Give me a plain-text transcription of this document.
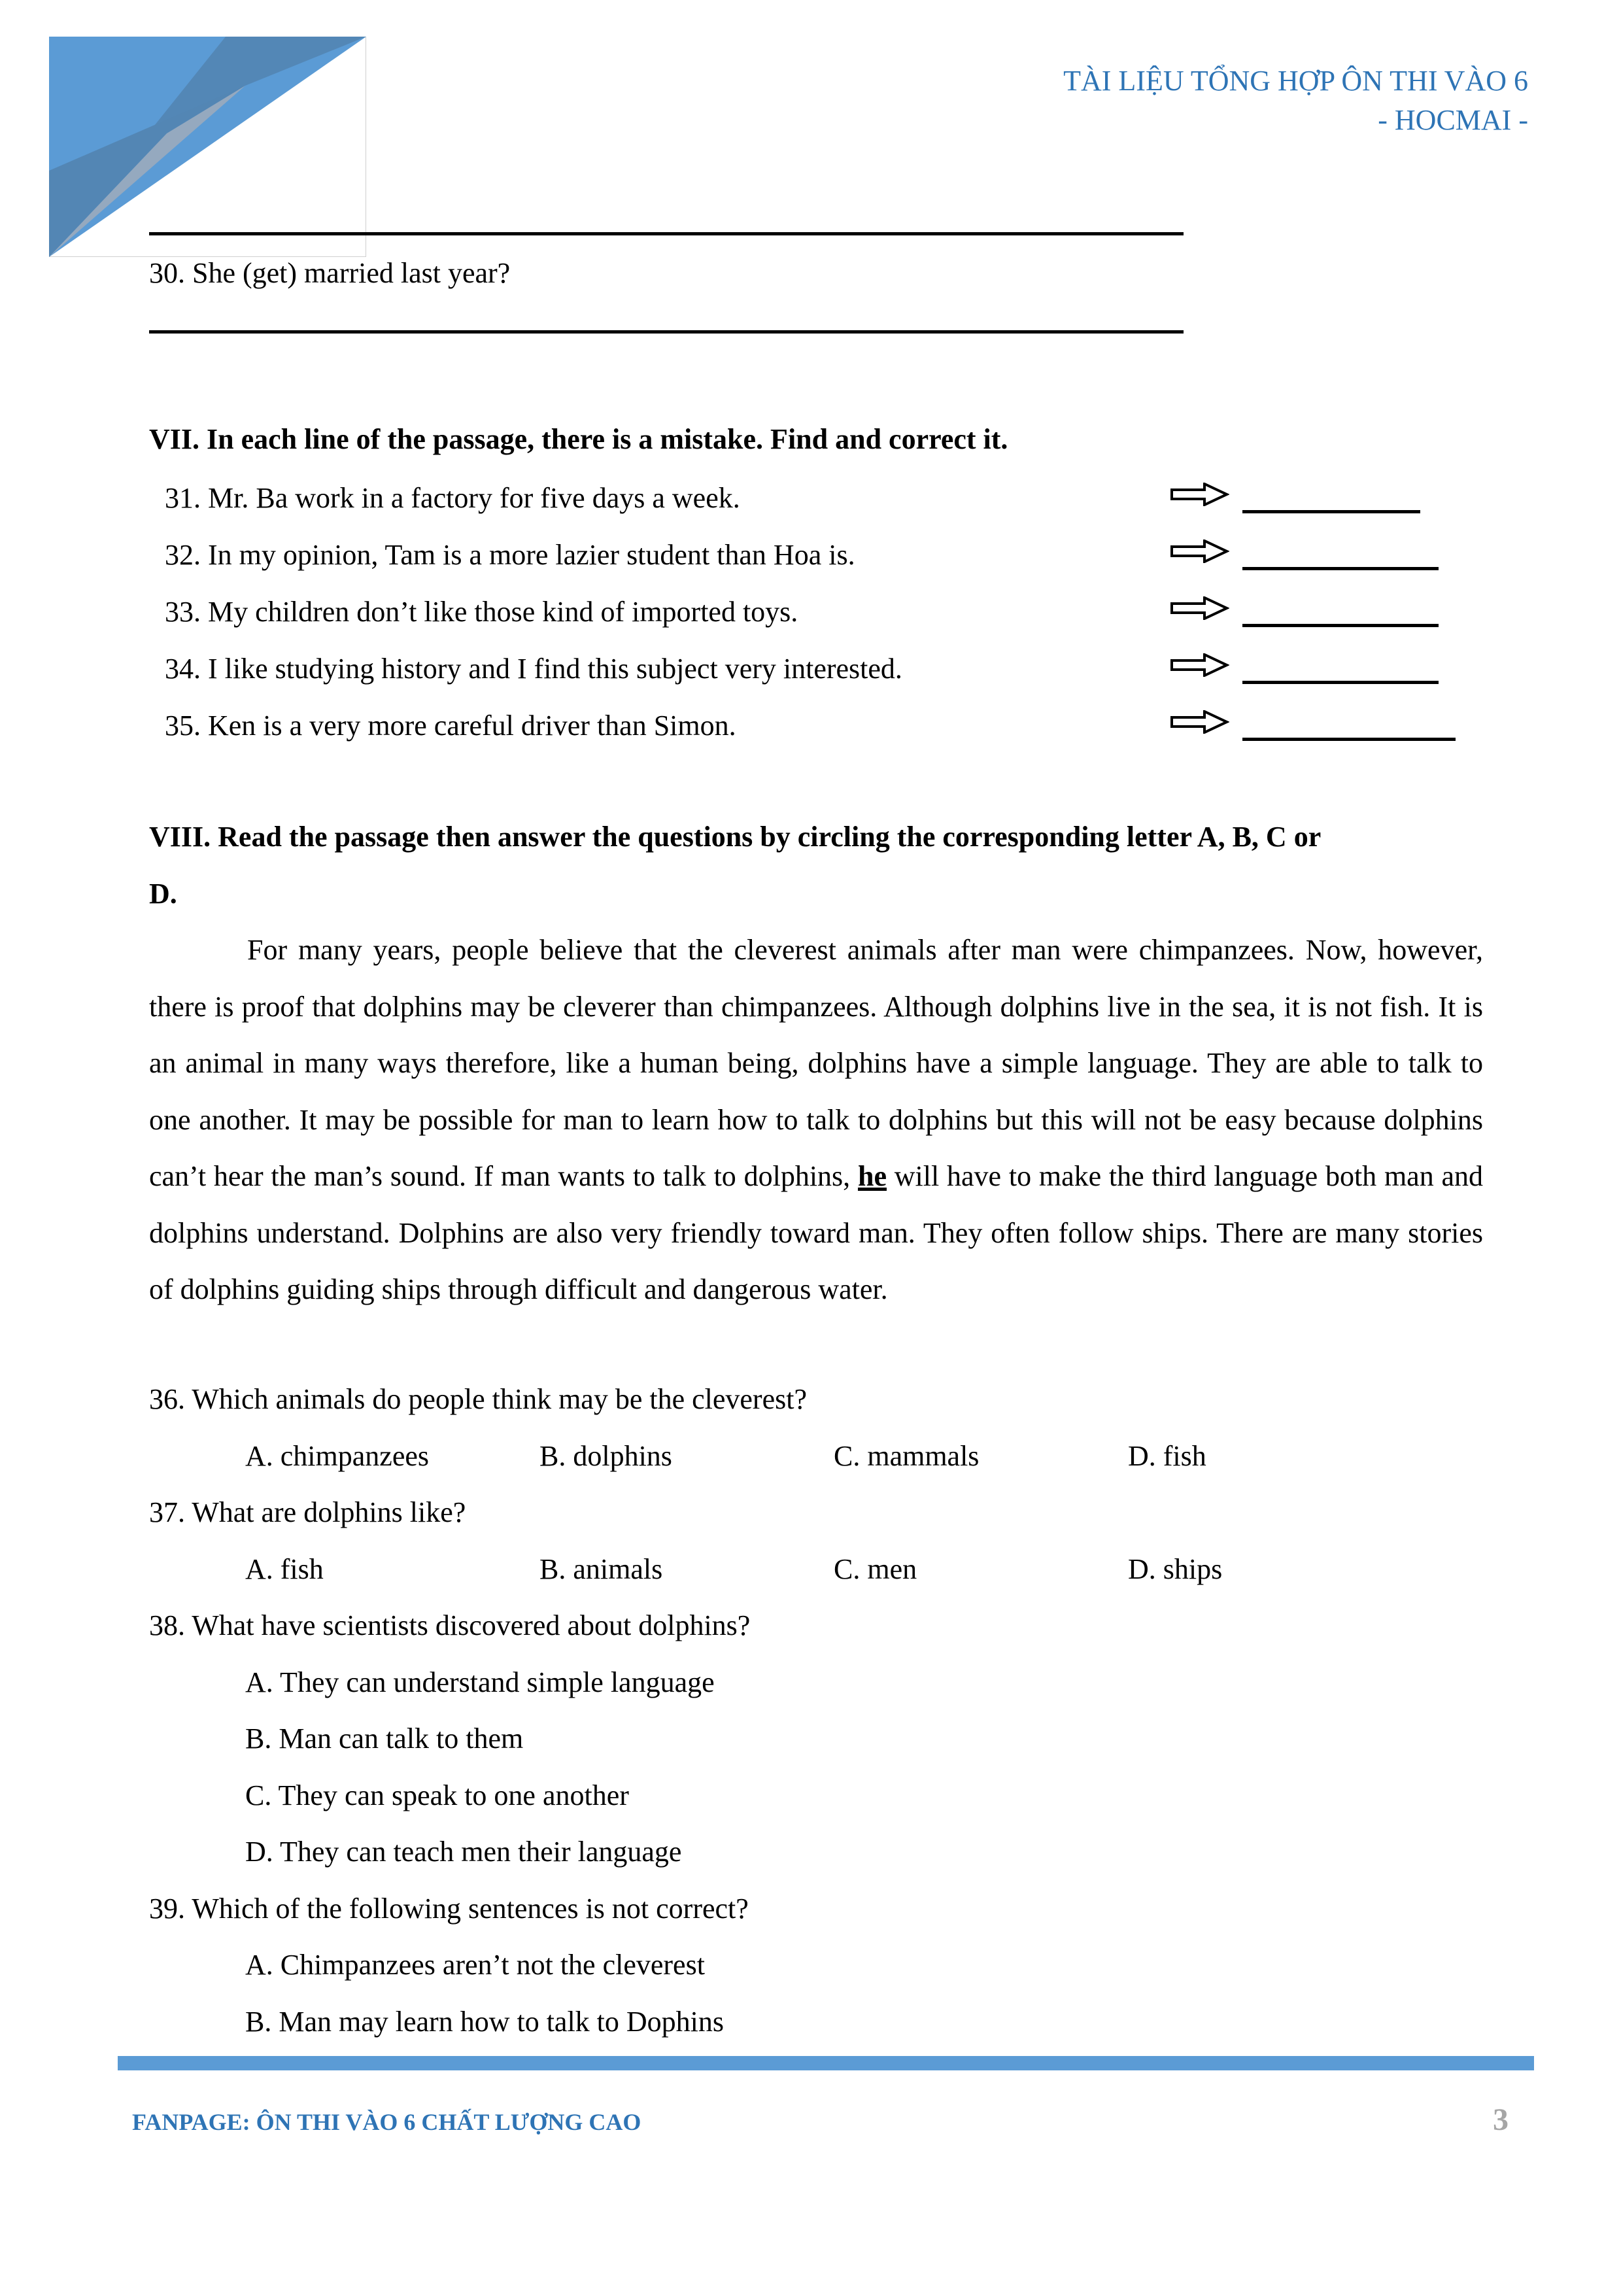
TÀI LIỆU TỔNG HỢP ÔN THI VÀO 6
- HOCMAI -
30. She (get) married last year?
VII. In each line of the passage, there is a mistake. Find and correct it.
31. Mr. Ba work in a factory for five days a week.
32. In my opinion, Tam is a more lazier student than Hoa is.
33. My children don’t like those kind of imported toys.
34. I like studying history and I find this subject very interested.
35. Ken is a very more careful driver than Simon.
VIII. Read the passage then answer the questions by circling the corresponding letter A, B, C or
D.

For many years, people believe that the cleverest animals after man were chimpanzees. Now, however, there is proof that dolphins may be cleverer than chimpanzees. Although dolphins live in the sea, it is not fish. It is an animal in many ways therefore, like a human being, dolphins have a simple language. They are able to talk to one another. It may be possible for man to learn how to talk to dolphins but this will not be easy because dolphins can’t hear the man’s sound. If man wants to talk to dolphins, he will have to make the third language both man and dolphins understand. Dolphins are also very friendly toward man. They often follow ships. There are many stories of dolphins guiding ships through difficult and dangerous water.

36. Which animals do people think may be the cleverest?
A. chimpanzees	B. dolphins	C. mammals	D. fish
37. What are dolphins like?
A. fish	B. animals	C. men	D. ships
38. What have scientists discovered about dolphins?
A. They can understand simple language
B. Man can talk to them
C. They can speak to one another
D. They can teach men their language
39. Which of the following sentences is not correct?
A. Chimpanzees aren’t not the cleverest
B. Man may learn how to talk to Dophins
FANPAGE: ÔN THI VÀO 6 CHẤT LƯỢNG CAO	3
